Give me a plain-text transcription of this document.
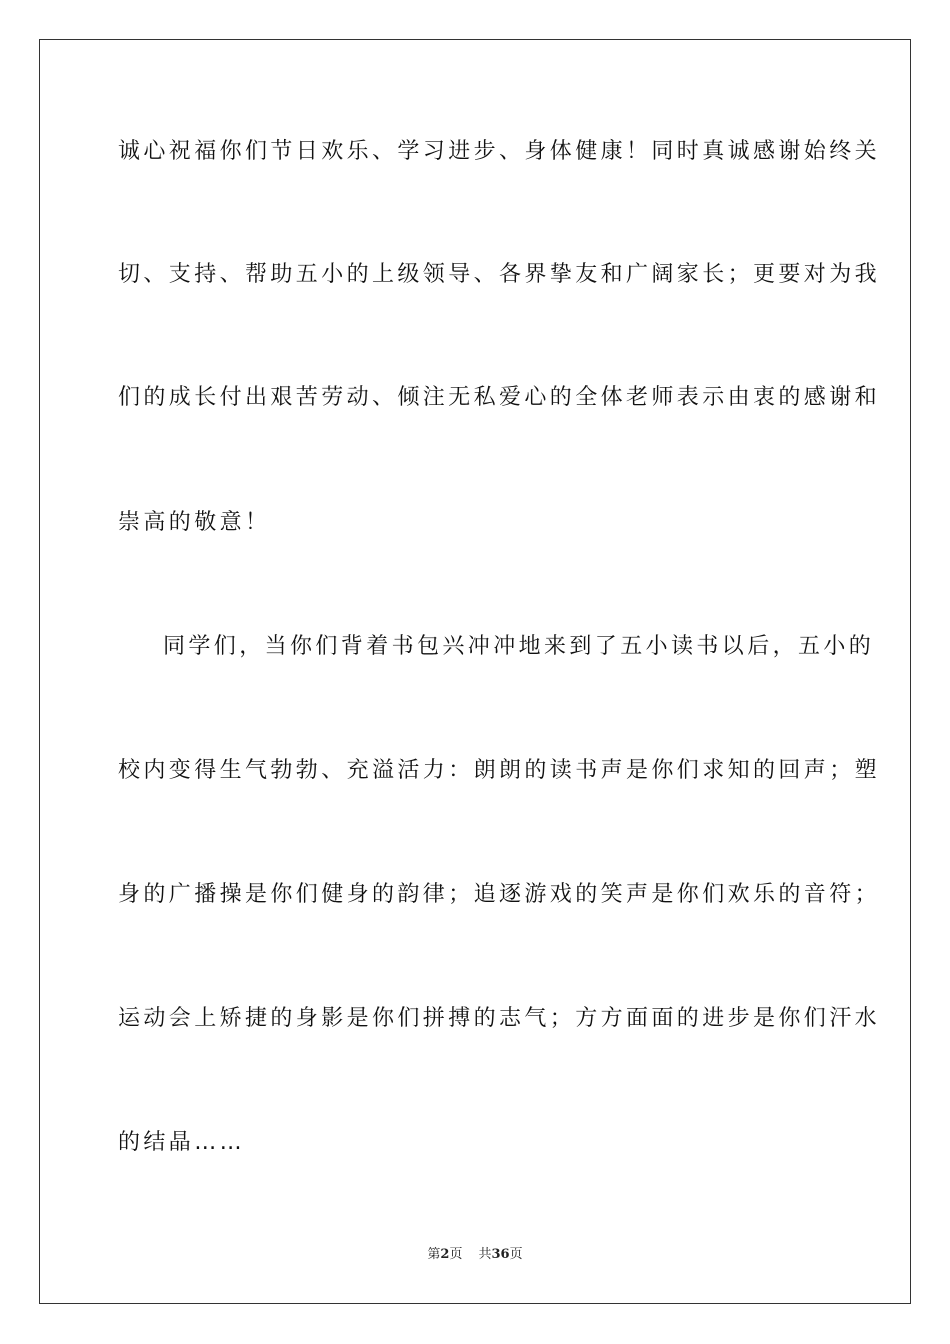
诚心祝福你们节日欢乐、学习进步、身体健康！同时真诚感谢始终关
切、支持、帮助五小的上级领导、各界挚友和广阔家长；更要对为我
们的成长付出艰苦劳动、倾注无私爱心的全体老师表示由衷的感谢和
崇高的敬意！
同学们，当你们背着书包兴冲冲地来到了五小读书以后，五小的
校内变得生气勃勃、充溢活力：朗朗的读书声是你们求知的回声；塑
身的广播操是你们健身的韵律；追逐游戏的笑声是你们欢乐的音符；
运动会上矫捷的身影是你们拼搏的志气；方方面面的进步是你们汗水
的结晶……
第2页 共36页
